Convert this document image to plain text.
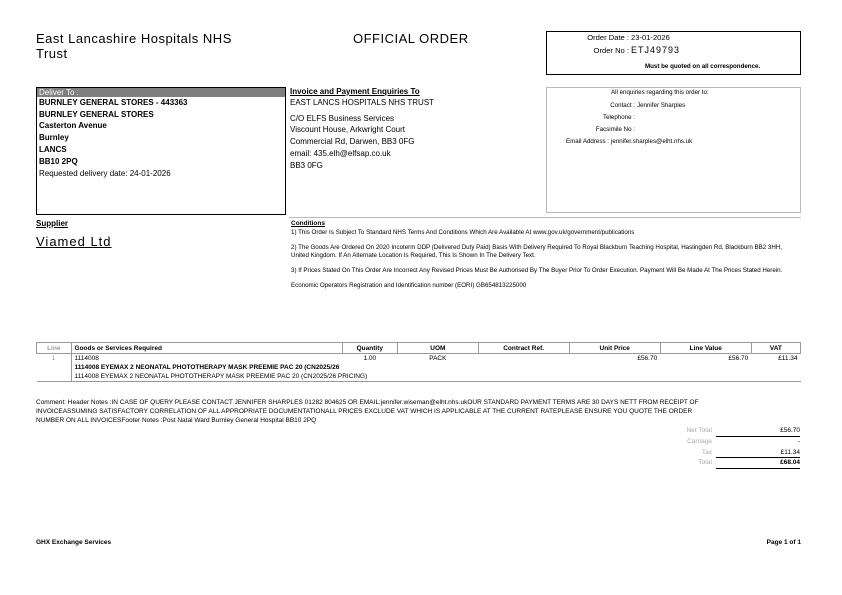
East Lancashire Hospitals NHS
Trust
OFFICIAL ORDER	Order Date : 23-01-2026
Order No : ETJ49793
Must be quoted on all correspondence.
Deliver To :
BURNLEY GENERAL STORES - 443363
BURNLEY GENERAL STORES
Casterton Avenue
Burnley
LANCS
BB10 2PQ
Requested delivery date: 24-01-2026
Invoice and Payment Enquiries To
EAST LANCS HOSPITALS NHS TRUST
C/O ELFS Business Services
Viscount House, Arkwright Court
Commercial Rd, Darwen, BB3 0FG
email: 435.elh@elfsap.co.uk
BB3 0FG
All enquiries regarding this order to:
Contact : Jennifer Sharples
Telephone :
Facsimile No :
Email Address : jennifer.sharples@elht.nhs.uk
Supplier
Viamed Ltd
Conditions
1) This Order Is Subject To Standard NHS Terms And Conditions Which Are Available At www.gov.uk/government/publications
2) The Goods Are Ordered On 2020 Incoterm DDP (Delivered Duty Paid) Basis With Delivery Required To Royal Blackburn Teaching Hospital, Haslingden Rd, Blackburn BB2 3HH, United Kingdom. If An Alternate Location Is Required, This Is Shown In The Delivery Text.
3) If Prices Stated On This Order Are Incorrect Any Revised Prices Must Be Authorised By The Buyer Prior To Order Execution. Payment Will Be Made At The Prices Stated Herein.
Economic Operators Registration and Identification number (EORI) GB654813225000
Line	Goods or Services Required	Quantity	UOM	Contract Ref.	Unit Price	Line Value	VAT
1	1114008	1.00	PACK		£56.70	£56.70	£11.34
	1114008 EYEMAX 2 NEONATAL PHOTOTHERAPY MASK PREEMIE PAC 20 (CN2025/26						
	1114008 EYEMAX 2 NEONATAL PHOTOTHERAPY MASK PREEMIE PAC 20 (CN2025/26 PRICING)						
Comment: Header Notes :IN CASE OF QUERY PLEASE CONTACT JENNIFER SHARPLES 01282 804625 OR EMAIL:jennifer.wiseman@elht.nhs.ukOUR STANDARD PAYMENT TERMS ARE 30 DAYS NETT FROM RECEIPT OF INVOICEASSUMING SATISFACTORY CORRELATION OF ALL APPROPRIATE DOCUMENTATIONALL PRICES EXCLUDE VAT WHICH IS APPLICABLE AT THE CURRENT RATEPLEASE ENSURE YOU QUOTE THE ORDER NUMBER ON ALL INVOICESFooter Notes :Post Natal Ward Burnley General Hospital BB10 2PQ
Net Total	£56.70
Carriage	-
Tax	£11.34
Total	£68.04
GHX Exchange Services	Page 1 of 1
